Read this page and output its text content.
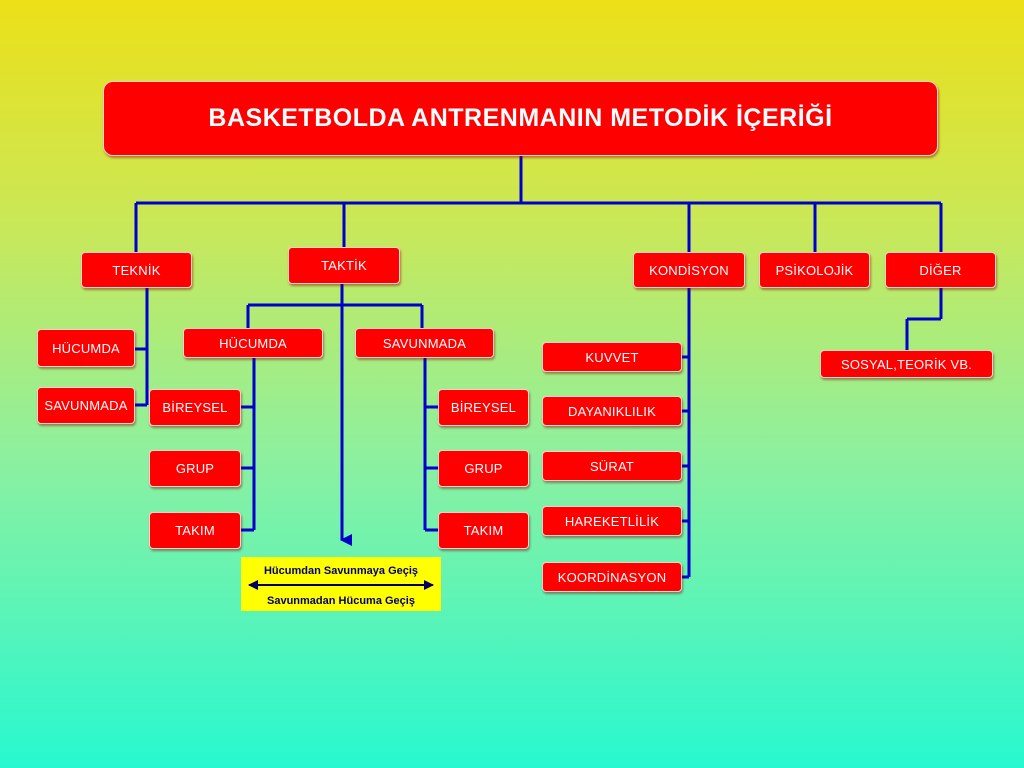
BASKETBOLDA ANTRENMANIN METODİK İÇERİĞİ
TEKNİK	TAKTİK	KONDİSYON	PSİKOLOJİK	DİĞER
HÜCUMDA
SAVUNMADA
HÜCUMDA	SAVUNMADA
BİREYSEL
GRUP
TAKIM
BİREYSEL
GRUP
TAKIM
KUVVET
DAYANIKLILIK
SÜRAT
HAREKETLİLİK
KOORDİNASYON
SOSYAL,TEORİK VB.
Hücumdan Savunmaya Geçiş
Savunmadan Hücuma Geçiş
